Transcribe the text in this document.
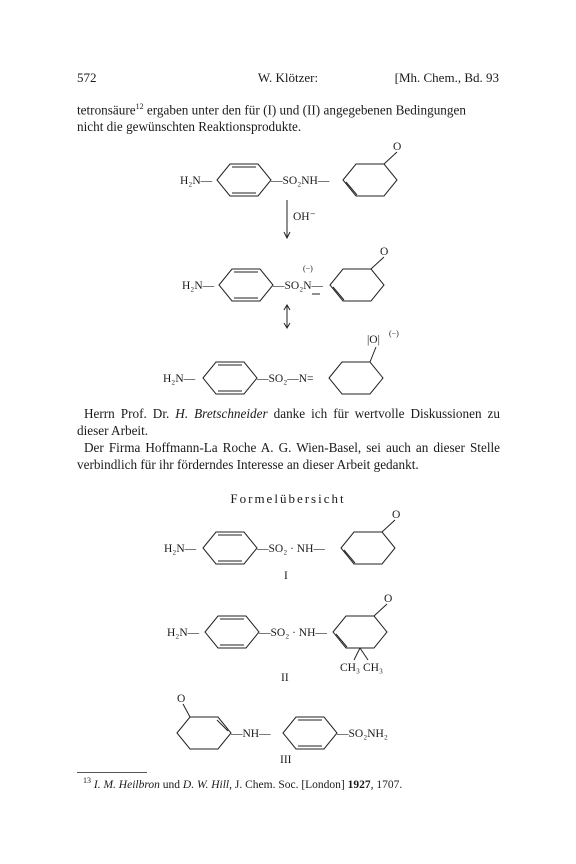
572	W. Klötzer:	[Mh. Chem., Bd. 93
tetronsäure$^{12}$ ergaben unter den für (I) und (II) angegebenen Bedingungen
nicht die gewünschten Reaktionsprodukte.
H₂N—	—SO₂NH—
O
OH⁻
H₂N—
(−)
—SO₂N—
O
H₂N—	—SO₂—N=
|O|
(−)
H₂N—	—SO₂ · NH—
O
I
H₂N—	—SO₂ · NH—
O
CH₃ CH₃
II
O
—NH—	—SO₂NH₂
III
Herrn Prof. Dr. H. Bretschneider danke ich für wertvolle Diskussionen zu dieser Arbeit.
Der Firma Hoffmann-La Roche A. G. Wien-Basel, sei auch an dieser Stelle verbindlich für ihr förderndes Interesse an dieser Arbeit gedankt.
Formelübersicht
$^{13}$ I. M. Heilbron und D. W. Hill, J. Chem. Soc. [London] 1927, 1707.
